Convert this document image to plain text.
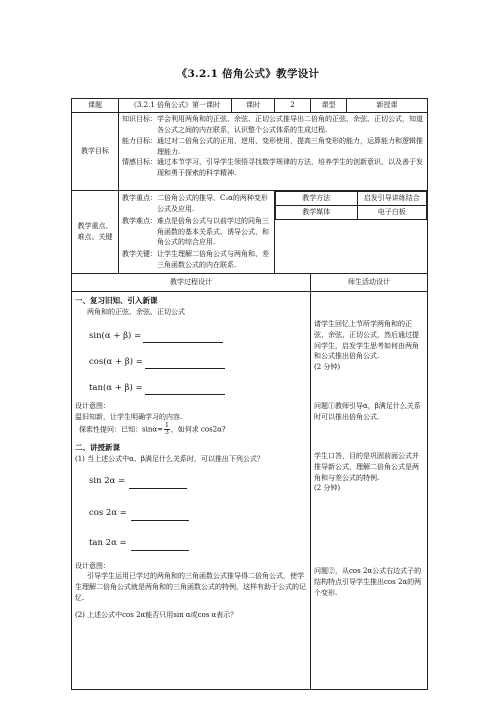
《3.2.1 倍角公式》教学设计
课题	《3.2.1 倍角公式》第一课时	课时	2	课型	新授课
教学目标	
知识目标： 学会利用两角和的正弦、余弦、正切公式推导出二倍角的正弦、余弦、正切公式，知道各公式之间的内在联系，认识整个公式体系的生成过程.
能力目标： 通过对二倍角公式的正用、逆用、变形使用，提高三角变形的能力，运算能力和逻辑推理能力.
情感目标： 通过本节学习，引导学生领悟寻找数学规律的方法，培养学生的创新意识，以及善于发现和勇于探索的科学精神.

教学重点、难点、关键	
教学重点： 二倍角公式的推导、C₂α的两种变形公式及应用.
教学难点： 难点是倍角公式与以前学过的同角三角函数的基本关系式、诱导公式、和角公式的综合应用.
教学关键： 让学生理解二倍角公式与两角和、差三角函数公式的内在联系.

教学方法	启发引导讲练结合
教学媒体	电子白板

教学过程设计	师生活动设计

一、复习旧知、引入新课
两角和的正弦、余弦、正切公式
sin(α + β) =
cos(α + β) =
tan(α + β) =
设计意图：
温旧知新，让学生明确学习的内容.
探索性提问：已知：$\sin\alpha= \frac{1}{3}$ ，如何求 cos2α?
二、讲授新课
(1) 当上述公式中α、β满足什么关系时，可以推出下列公式？
sin 2α =
cos 2α =
tan 2α =
设计意图：
引导学生运用已学过的两角和的三角函数公式推导得二倍角公式，使学生理解二倍角公式就是两角和的三角函数公式的特例，这样有助于公式的记忆.
(2) 上述公式中cos 2α能否只用sin α或cos α表示？

请学生回忆上节所学两角和的正弦、余弦、正切公式，然后通过提问学生，启发学生思考如何由两角和公式推出倍角公式.
(2 分钟)
问题①教师引导α，β满足什么关系时可以推出倍角公式.
学生口答，目的是巩固前面公式并推导新公式，理解二倍角公式是两角和与差公式的特例.
(2 分钟)
问题②，从cos 2α公式右边式子的结构特点引导学生推出cos 2α的两个变形.
